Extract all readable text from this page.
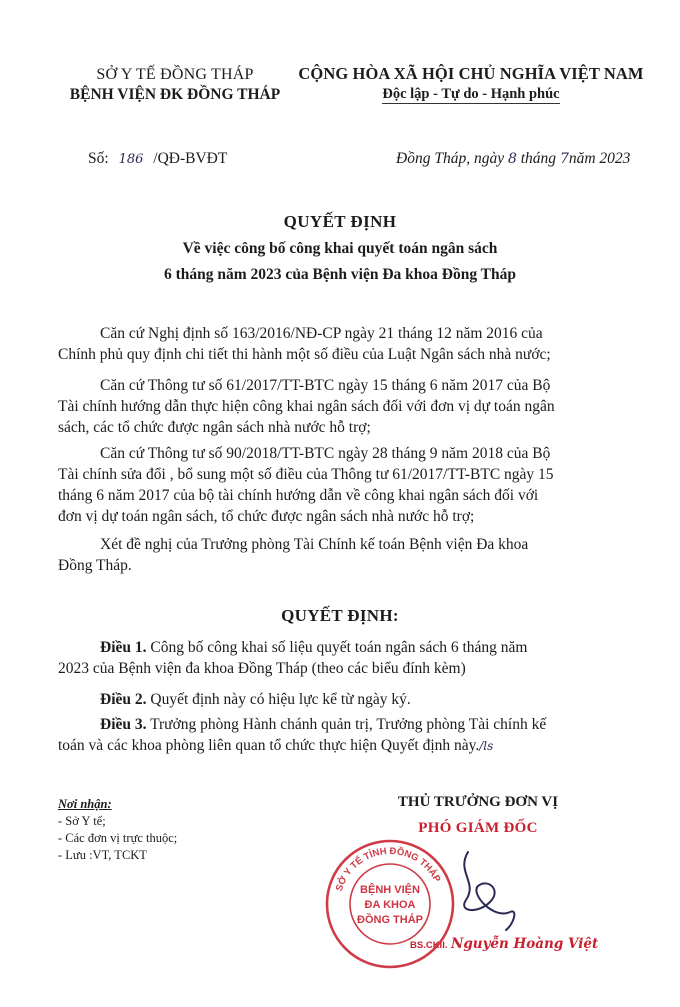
SỞ Y TẾ ĐỒNG THÁP
BỆNH VIỆN ĐK ĐỒNG THÁP
CỘNG HÒA XÃ HỘI CHỦ NGHĨA VIỆT NAM
Độc lập - Tự do - Hạnh phúc
Số: 186 /QĐ-BVĐT	Đồng Tháp, ngày 8 tháng 7năm 2023
QUYẾT ĐỊNH
Về việc công bố công khai quyết toán ngân sách
6 tháng năm 2023 của Bệnh viện Đa khoa Đồng Tháp
Căn cứ Nghị định số 163/2016/NĐ-CP ngày 21 tháng 12 năm 2016 của
Chính phủ quy định chi tiết thi hành một số điều của Luật Ngân sách nhà nước;
Căn cứ Thông tư số 61/2017/TT-BTC ngày 15 tháng 6 năm 2017 của Bộ
Tài chính hướng dẫn thực hiện công khai ngân sách đối với đơn vị dự toán ngân
sách, các tổ chức được ngân sách nhà nước hỗ trợ;
Căn cứ Thông tư số 90/2018/TT-BTC ngày 28 tháng 9 năm 2018 của Bộ
Tài chính sửa đổi , bổ sung một số điều của Thông tư 61/2017/TT-BTC ngày 15
tháng 6 năm 2017 của bộ tài chính hướng dẫn về công khai ngân sách đối với
đơn vị dự toán ngân sách, tổ chức được ngân sách nhà nước hỗ trợ;
Xét đề nghị của Trưởng phòng Tài Chính kế toán Bệnh viện Đa khoa
Đồng Tháp.
QUYẾT ĐỊNH:
Điều 1. Công bố công khai số liệu quyết toán ngân sách 6 tháng năm
2023 của Bệnh viện đa khoa Đồng Tháp (theo các biểu đính kèm)
Điều 2. Quyết định này có hiệu lực kể từ ngày ký.
Điều 3. Trưởng phòng Hành chánh quản trị, Trưởng phòng Tài chính kế
toán và các khoa phòng liên quan tổ chức thực hiện Quyết định này./ls
Nơi nhận:
- Sở Y tế;
- Các đơn vị trực thuộc;
- Lưu :VT, TCKT
THỦ TRƯỞNG ĐƠN VỊ
PHÓ GIÁM ĐỐC
SỞ Y TẾ TỈNH ĐỒNG THÁP
BỆNH VIỆN
ĐA KHOA
ĐỒNG THÁP
BS.CKII. Nguyễn Hoàng Việt
